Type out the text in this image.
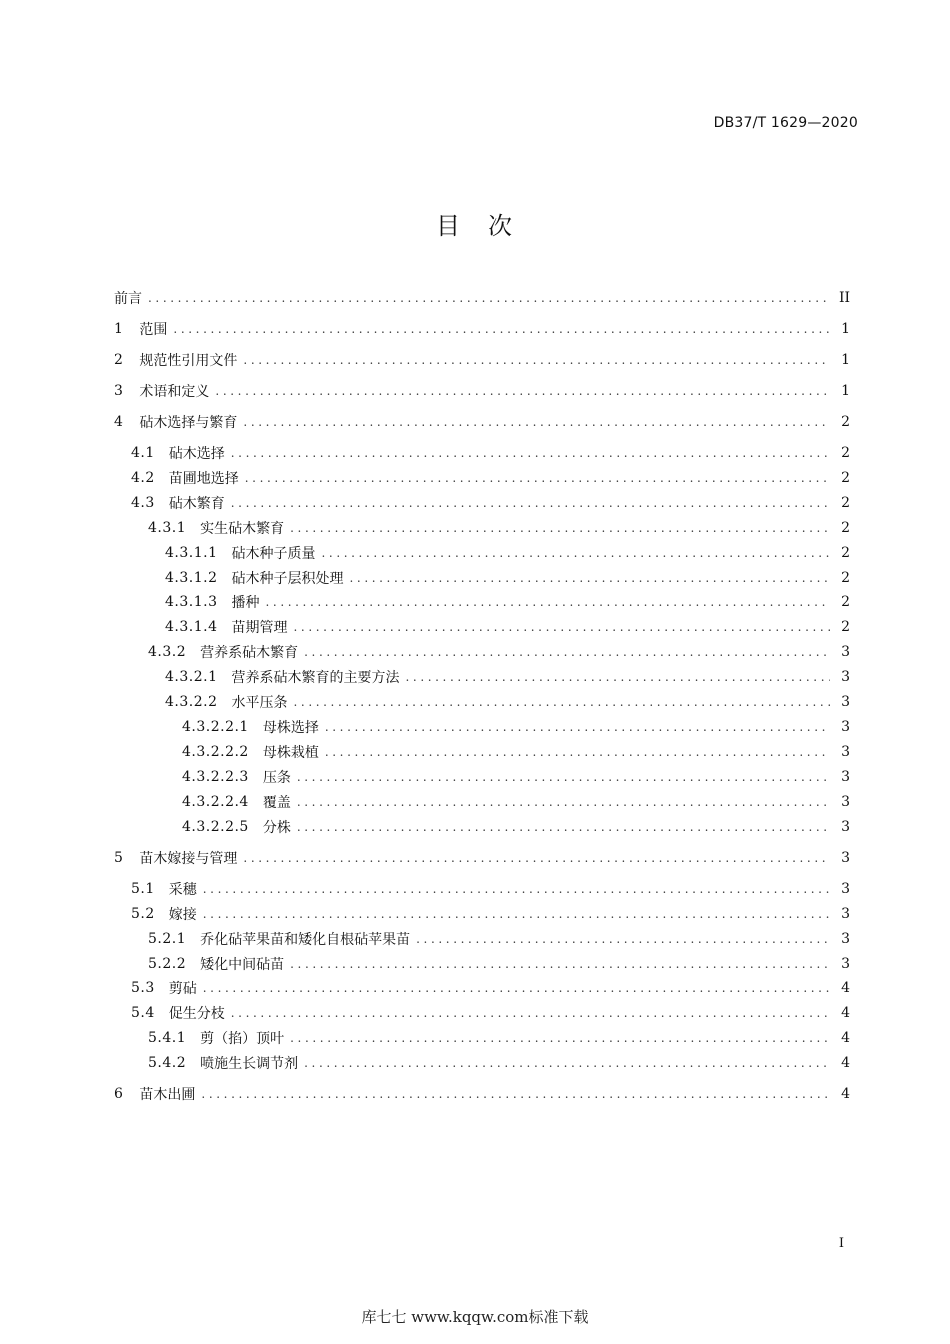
DB37/T 1629—2020
目 次
前言 .....	II
1 范围 .....	1
2 规范性引用文件 .....	1
3 术语和定义 .....	1
4 砧木选择与繁育 .....	2
4.1 砧木选择 .....	2
4.2 苗圃地选择 .....	2
4.3 砧木繁育 .....	2
4.3.1 实生砧木繁育 .....	2
4.3.1.1 砧木种子质量 .....	2
4.3.1.2 砧木种子层积处理 .....	2
4.3.1.3 播种 .....	2
4.3.1.4 苗期管理 .....	2
4.3.2 营养系砧木繁育 .....	3
4.3.2.1 营养系砧木繁育的主要方法 .....	3
4.3.2.2 水平压条 .....	3
4.3.2.2.1 母株选择 .....	3
4.3.2.2.2 母株栽植 .....	3
4.3.2.2.3 压条 .....	3
4.3.2.2.4 覆盖 .....	3
4.3.2.2.5 分株 .....	3
5 苗木嫁接与管理 .....	3
5.1 采穗 .....	3
5.2 嫁接 .....	3
5.2.1 乔化砧苹果苗和矮化自根砧苹果苗 .....	3
5.2.2 矮化中间砧苗 .....	3
5.3 剪砧 .....	4
5.4 促生分枝 .....	4
5.4.1 剪（掐）顶叶 .....	4
5.4.2 喷施生长调节剂 .....	4
6 苗木出圃 .....	4
I
库七七 www.kqqw.com标准下载
